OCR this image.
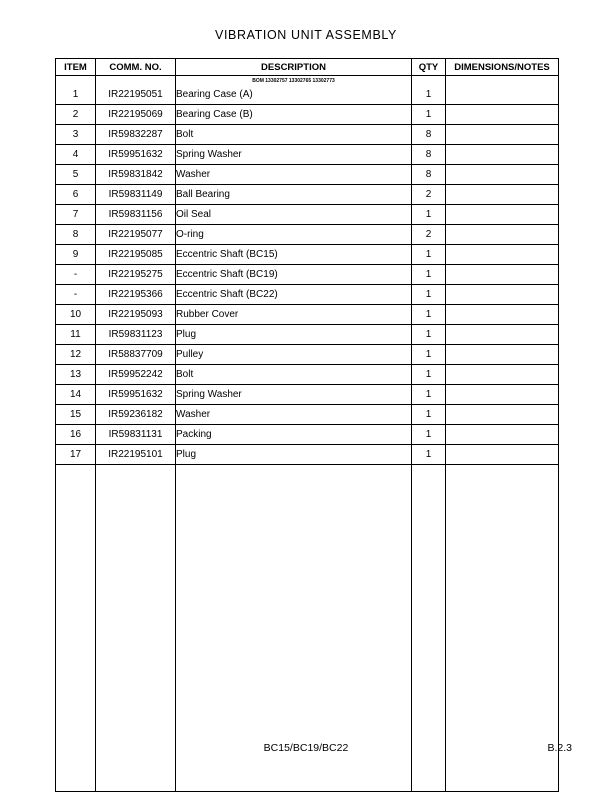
VIBRATION UNIT ASSEMBLY
ITEM	COMM. NO.	DESCRIPTION	QTY	DIMENSIONS/NOTES
		BOM 13302757 13302765 13302773		
1	IR22195051	Bearing Case (A)	1	
2	IR22195069	Bearing Case (B)	1	
3	IR59832287	Bolt	8	
4	IR59951632	Spring Washer	8	
5	IR59831842	Washer	8	
6	IR59831149	Ball Bearing	2	
7	IR59831156	Oil Seal	1	
8	IR22195077	O-ring	2	
9	IR22195085	Eccentric Shaft (BC15)	1	
-	IR22195275	Eccentric Shaft (BC19)	1	
-	IR22195366	Eccentric Shaft (BC22)	1	
10	IR22195093	Rubber Cover	1	
11	IR59831123	Plug	1	
12	IR58837709	Pulley	1	
13	IR59952242	Bolt	1	
14	IR59951632	Spring Washer	1	
15	IR59236182	Washer	1	
16	IR59831131	Packing	1	
17	IR22195101	Plug	1	

BC15/BC19/BC22	B.2.3
